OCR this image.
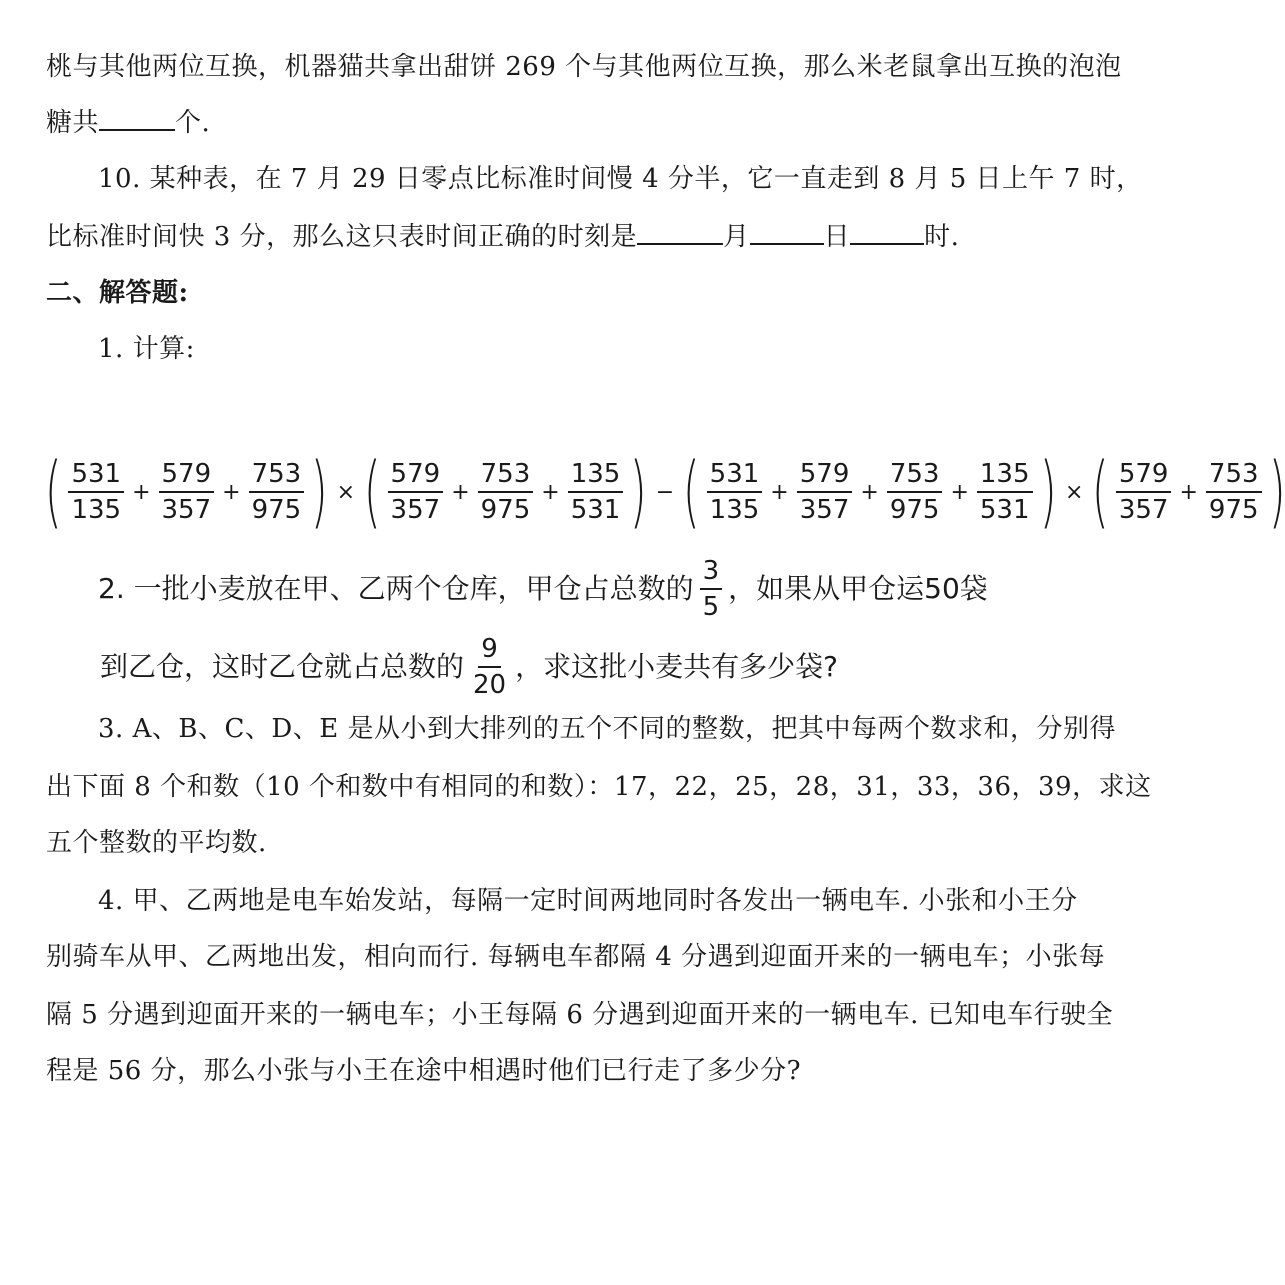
桃与其他两位互换，机器猫共拿出甜饼 269 个与其他两位互换，那么米老鼠拿出互换的泡泡
糖共	个.
10. 某种表，在 7 月 29 日零点比标准时间慢 4 分半，它一直走到 8 月 5 日上午 7 时，
比标准时间快 3 分，那么这只表时间正确的时刻是	月	日	时.
二、解答题:
1. 计算:
( $\frac{531}{135} + \frac{579}{357} + \frac{753}{975}$ ) × ( $\frac{579}{357} + \frac{753}{975} + \frac{135}{531}$ ) − ( $\frac{531}{135} + \frac{579}{357} + \frac{753}{975} + \frac{135}{531}$ ) × ( $\frac{579}{357} + \frac{753}{975}$ )
2. 一批小麦放在甲、乙两个仓库，甲仓占总数的 $\frac{3}{5}$ ，如果从甲仓运50袋
到乙仓，这时乙仓就占总数的 $\frac{9}{20}$ ，求这批小麦共有多少袋?
3. A、B、C、D、E 是从小到大排列的五个不同的整数，把其中每两个数求和，分别得
出下面 8 个和数（10 个和数中有相同的和数）：17，22，25，28，31，33，36，39，求这
五个整数的平均数.
4. 甲、乙两地是电车始发站，每隔一定时间两地同时各发出一辆电车. 小张和小王分
别骑车从甲、乙两地出发，相向而行. 每辆电车都隔 4 分遇到迎面开来的一辆电车；小张每
隔 5 分遇到迎面开来的一辆电车；小王每隔 6 分遇到迎面开来的一辆电车. 已知电车行驶全
程是 56 分，那么小张与小王在途中相遇时他们已行走了多少分?
